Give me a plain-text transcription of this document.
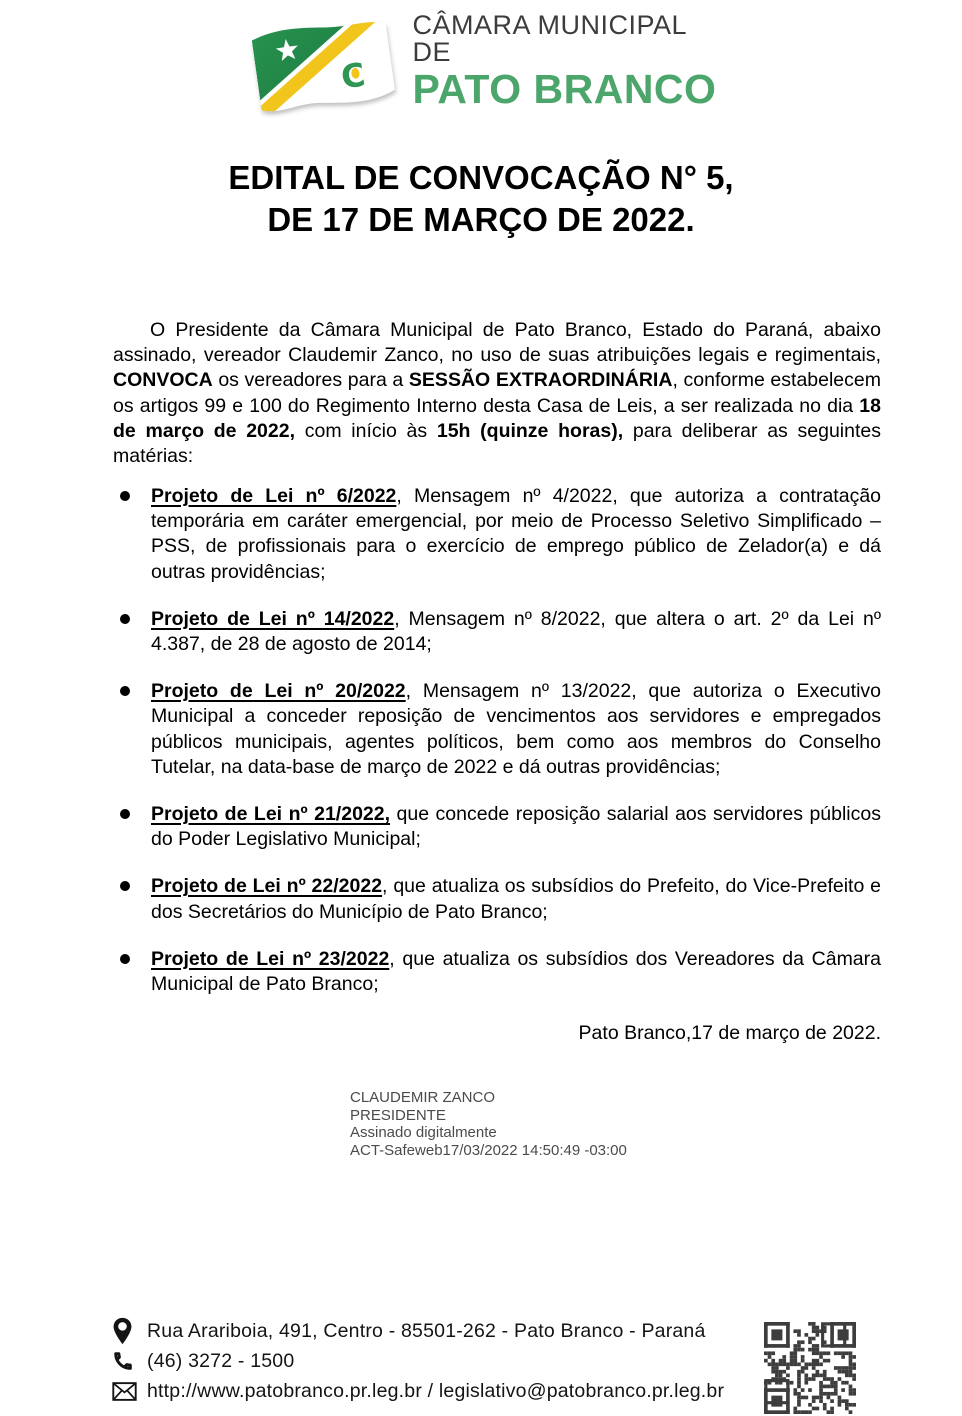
CÂMARA MUNICIPAL DE
PATO BRANCO
EDITAL DE CONVOCAÇÃO N° 5,
DE 17 DE MARÇO DE 2022.

O Presidente da Câmara Municipal de Pato Branco, Estado do Paraná, abaixo assinado, vereador Claudemir Zanco, no uso de suas atribuições legais e regimentais, CONVOCA os vereadores para a SESSÃO EXTRAORDINÁRIA, conforme estabelecem os artigos 99 e 100 do Regimento Interno desta Casa de Leis, a ser realizada no dia 18 de março de 2022, com início às 15h (quinze horas), para deliberar as seguintes matérias:

Projeto de Lei nº 6/2022, Mensagem nº 4/2022, que autoriza a contratação temporária em caráter emergencial, por meio de Processo Seletivo Simplificado – PSS, de profissionais para o exercício de emprego público de Zelador(a) e dá outras providências;
Projeto de Lei nº 14/2022, Mensagem nº 8/2022, que altera o art. 2º da Lei nº 4.387, de 28 de agosto de 2014;
Projeto de Lei nº 20/2022, Mensagem nº 13/2022, que autoriza o Executivo Municipal a conceder reposição de vencimentos aos servidores e empregados públicos municipais, agentes políticos, bem como aos membros do Conselho Tutelar, na data-base de março de 2022 e dá outras providências;
Projeto de Lei nº 21/2022, que concede reposição salarial aos servidores públicos do Poder Legislativo Municipal;
Projeto de Lei nº 22/2022, que atualiza os subsídios do Prefeito, do Vice-Prefeito e dos Secretários do Município de Pato Branco;
Projeto de Lei nº 23/2022, que atualiza os subsídios dos Vereadores da Câmara Municipal de Pato Branco;
Pato Branco,17 de março de 2022.
CLAUDEMIR ZANCO
PRESIDENTE
Assinado digitalmente
ACT-Safeweb17/03/2022 14:50:49 -03:00
Rua Arariboia, 491, Centro - 85501-262 - Pato Branco - Paraná
(46) 3272 - 1500
http://www.patobranco.pr.leg.br / legislativo@patobranco.pr.leg.br
